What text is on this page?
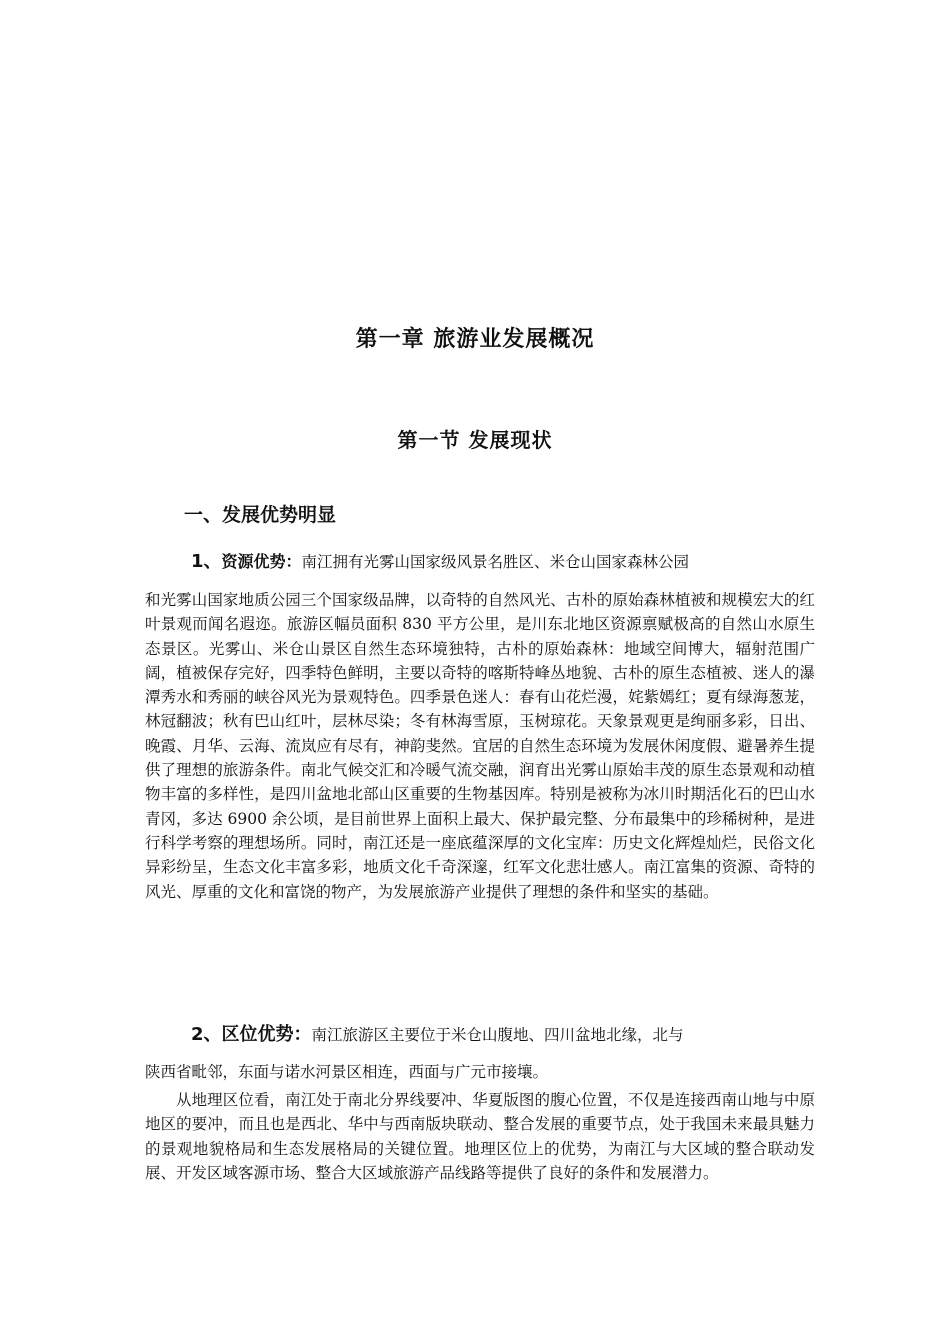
第一章 旅游业发展概况
第一节 发展现状
一、发展优势明显
1、资源优势：南江拥有光雾山国家级风景名胜区、米仓山国家森林公园

和光雾山国家地质公园三个国家级品牌，以奇特的自然风光、古朴的原始森林植被和规模宏大的红叶景观而闻名遐迩。旅游区幅员面积 830 平方公里，是川东北地区资源禀赋极高的自然山水原生态景区。光雾山、米仓山景区自然生态环境独特，古朴的原始森林：地域空间博大，辐射范围广阔，植被保存完好，四季特色鲜明，主要以奇特的喀斯特峰丛地貌、古朴的原生态植被、迷人的瀑潭秀水和秀丽的峡谷风光为景观特色。四季景色迷人：春有山花烂漫，姹紫嫣红；夏有绿海葱茏，林冠翻波；秋有巴山红叶，层林尽染；冬有林海雪原，玉树琼花。天象景观更是绚丽多彩，日出、晚霞、月华、云海、流岚应有尽有，神韵斐然。宜居的自然生态环境为发展休闲度假、避暑养生提供了理想的旅游条件。南北气候交汇和冷暖气流交融，润育出光雾山原始丰茂的原生态景观和动植物丰富的多样性，是四川盆地北部山区重要的生物基因库。特别是被称为冰川时期活化石的巴山水青冈，多达 6900 余公顷，是目前世界上面积上最大、保护最完整、分布最集中的珍稀树种，是进行科学考察的理想场所。同时，南江还是一座底蕴深厚的文化宝库：历史文化辉煌灿烂，民俗文化异彩纷呈，生态文化丰富多彩，地质文化千奇深邃，红军文化悲壮感人。南江富集的资源、奇特的风光、厚重的文化和富饶的物产，为发展旅游产业提供了理想的条件和坚实的基础。

2、区位优势：南江旅游区主要位于米仓山腹地、四川盆地北缘，北与

陕西省毗邻，东面与诺水河景区相连，西面与广元市接壤。

从地理区位看，南江处于南北分界线要冲、华夏版图的腹心位置，不仅是连接西南山地与中原地区的要冲，而且也是西北、华中与西南版块联动、整合发展的重要节点，处于我国未来最具魅力的景观地貌格局和生态发展格局的关键位置。地理区位上的优势，为南江与大区域的整合联动发展、开发区域客源市场、整合大区域旅游产品线路等提供了良好的条件和发展潜力。
